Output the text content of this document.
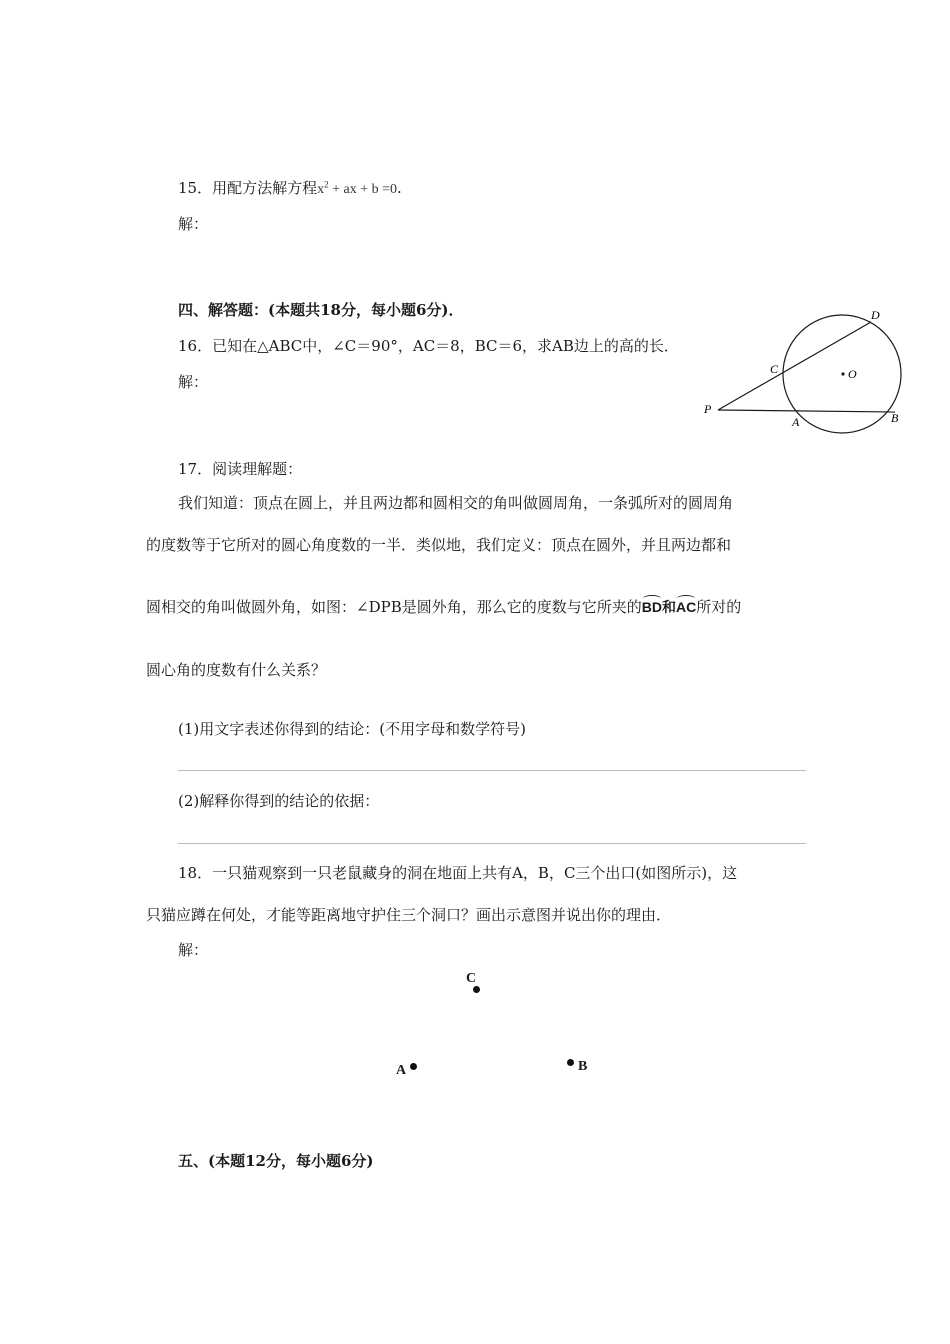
15．用配方法解方程$x^2$ + ax + b =0.
解：
四、解答题：(本题共18分，每小题6分)．
16．已知在△ABC中，∠C＝90°，AC＝8，BC＝6，求AB边上的高的长．
解：
D
C	O
P
A	B
17．阅读理解题：
我们知道：顶点在圆上，并且两边都和圆相交的角叫做圆周角，一条弧所对的圆周角
的度数等于它所对的圆心角度数的一半．类似地，我们定义：顶点在圆外，并且两边都和
圆相交的角叫做圆外角，如图：∠DPB是圆外角，那么它的度数与它所夹的BD和AC所对的
圆心角的度数有什么关系？
(1)用文字表述你得到的结论：(不用字母和数学符号)
(2)解释你得到的结论的依据：
18．一只猫观察到一只老鼠藏身的洞在地面上共有A，B，C三个出口(如图所示)，这
只猫应蹲在何处，才能等距离地守护住三个洞口？画出示意图并说出你的理由．
解：
C
A	B
五、(本题12分，每小题6分)
